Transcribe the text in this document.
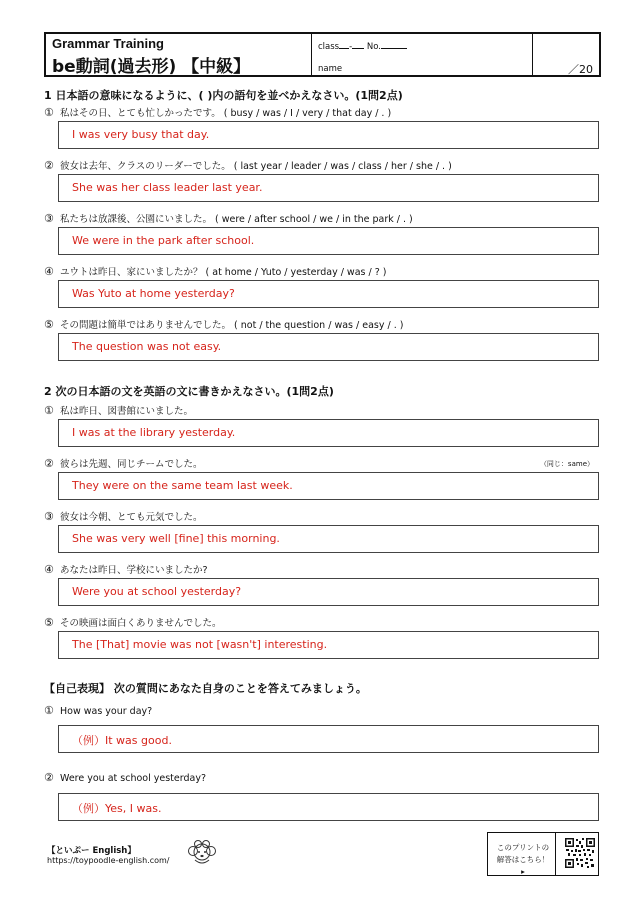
Grammar Training
be動詞(過去形) 【中級】
class - No.
name	／20
1 日本語の意味になるように、( )内の語句を並べかえなさい。(1問2点)
① 私はその日、とても忙しかったです。 ( busy / was / I / very / that day / . )
I was very busy that day.
② 彼女は去年、クラスのリーダーでした。 ( last year / leader / was / class / her / she / . )
She was her class leader last year.
③ 私たちは放課後、公園にいました。 ( were / after school / we / in the park / . )
We were in the park after school.
④ ユウトは昨日、家にいましたか？ ( at home / Yuto / yesterday / was / ? )
Was Yuto at home yesterday?
⑤ その問題は簡単ではありませんでした。 ( not / the question / was / easy / . )
The question was not easy.
2 次の日本語の文を英語の文に書きかえなさい。(1問2点)
① 私は昨日、図書館にいました。
I was at the library yesterday.
② 彼らは先週、同じチームでした。	（同じ：same）
They were on the same team last week.
③ 彼女は今朝、とても元気でした。
She was very well [fine] this morning.
④ あなたは昨日、学校にいましたか?
Were you at school yesterday?
⑤ その映画は面白くありませんでした。
The [That] movie was not [wasn't] interesting.
【自己表現】 次の質問にあなた自身のことを答えてみましょう。
① How was your day?
（例）It was good.
② Were you at school yesterday?
（例）Yes, I was.
【といぷー English】
https://toypoodle-english.com/
このプリントの
解答はこちら！▸
